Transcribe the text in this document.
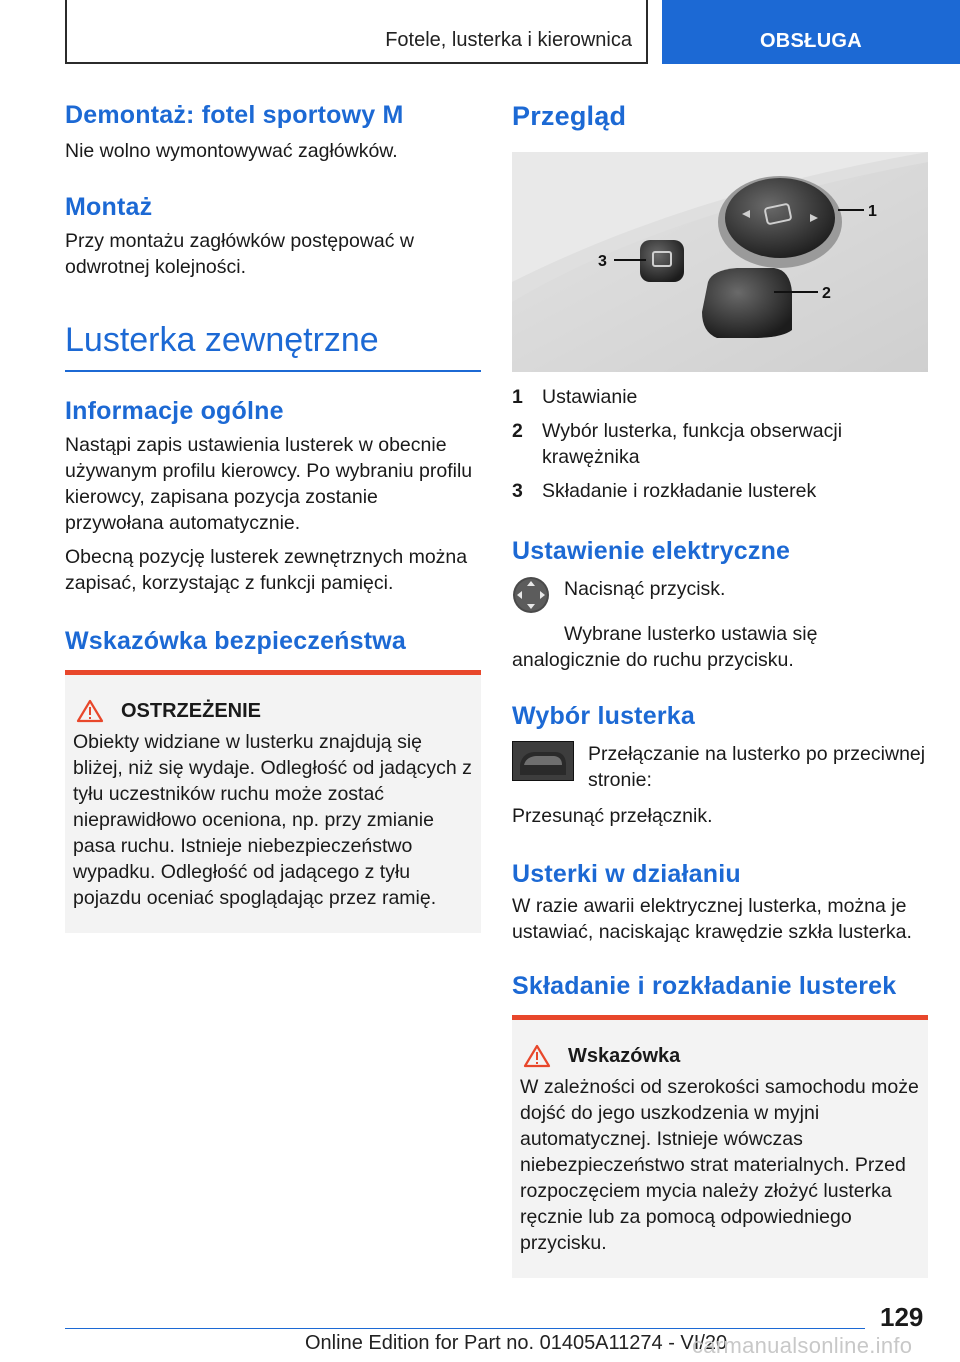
Fotele, lusterka i kierownica	OBSŁUGA
Demontaż: fotel sportowy M

Nie wolno wymontowywać zagłówków.

Montaż

Przy montażu zagłówków postępować w odwrotnej kolejności.

Lusterka zewnętrzne
Informacje ogólne

Nastąpi zapis ustawienia lusterek w obecnie używanym profilu kierowcy. Po wybraniu profilu kierowcy, zapisana pozycja zostanie przywołana automatycznie.

Obecną pozycję lusterek zewnętrznych można zapisać, korzystając z funkcji pamięci.

Wskazówka bezpieczeństwa
OSTRZEŻENIE

Obiekty widziane w lusterku znajdują się bliżej, niż się wydaje. Odległość od jadących z tyłu uczestników ruchu może zostać nieprawidłowo oceniona, np. przy zmianie pasa ruchu. Istnieje niebezpieczeństwo wypadku. Odległość od jadącego z tyłu pojazdu oceniać spoglądając przez ramię.

Przegląd
1
2
3
1 Ustawianie
2 Wybór lusterka, funkcja obserwacji krawężnika
3 Składanie i rozkładanie lusterek
Ustawienie elektryczne

Nacisnąć przycisk.

Wybrane lusterko ustawia się analogicznie do ruchu przycisku.

Wybór lusterka

Przełączanie na lusterko po przeciwnej stronie:

Przesunąć przełącznik.

Usterki w działaniu

W razie awarii elektrycznej lusterka, można je ustawiać, naciskając krawędzie szkła lusterka.

Składanie i rozkładanie lusterek
Wskazówka

W zależności od szerokości samochodu może dojść do jego uszkodzenia w myjni automatycznej. Istnieje wówczas niebezpieczeństwo strat materialnych. Przed rozpoczęciem mycia należy złożyć lusterka ręcznie lub za pomocą odpowiedniego przycisku.

129
Online Edition for Part no. 01405A11274 - VI/20
carmanualsonline.info
